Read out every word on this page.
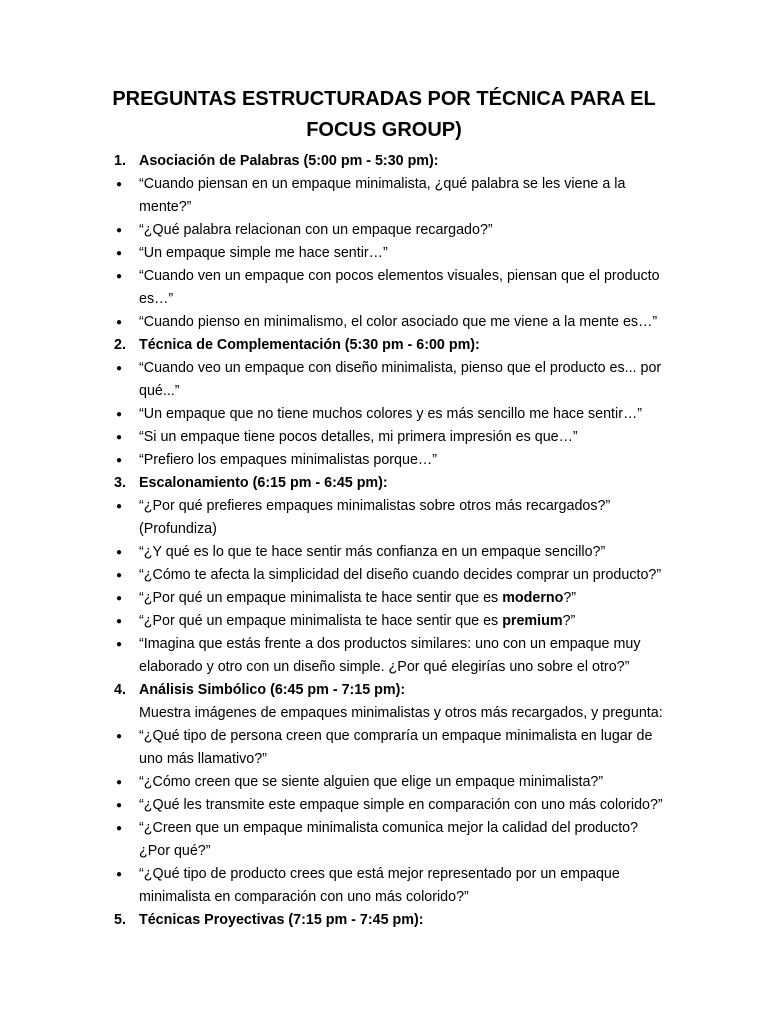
PREGUNTAS ESTRUCTURADAS POR TÉCNICA PARA EL FOCUS GROUP)
1. Asociación de Palabras (5:00 pm - 5:30 pm):
●	“Cuando piensan en un empaque minimalista, ¿qué palabra se les viene a la mente?”
●	“¿Qué palabra relacionan con un empaque recargado?”
●	“Un empaque simple me hace sentir…”
●	“Cuando ven un empaque con pocos elementos visuales, piensan que el producto es…”
●	“Cuando pienso en minimalismo, el color asociado que me viene a la mente es…”
2. Técnica de Complementación (5:30 pm - 6:00 pm):
●	“Cuando veo un empaque con diseño minimalista, pienso que el producto es... por qué...”
●	“Un empaque que no tiene muchos colores y es más sencillo me hace sentir…”
●	“Si un empaque tiene pocos detalles, mi primera impresión es que…”
●	“Prefiero los empaques minimalistas porque…”
3. Escalonamiento (6:15 pm - 6:45 pm):
●	“¿Por qué prefieres empaques minimalistas sobre otros más recargados?” (Profundiza)
●	“¿Y qué es lo que te hace sentir más confianza en un empaque sencillo?”
●	“¿Cómo te afecta la simplicidad del diseño cuando decides comprar un producto?”
●	“¿Por qué un empaque minimalista te hace sentir que es moderno?”
●	“¿Por qué un empaque minimalista te hace sentir que es premium?”
●	“Imagina que estás frente a dos productos similares: uno con un empaque muy elaborado y otro con un diseño simple. ¿Por qué elegirías uno sobre el otro?”
4. Análisis Simbólico (6:45 pm - 7:15 pm):
Muestra imágenes de empaques minimalistas y otros más recargados, y pregunta:
●	“¿Qué tipo de persona creen que compraría un empaque minimalista en lugar de uno más llamativo?”
●	“¿Cómo creen que se siente alguien que elige un empaque minimalista?”
●	“¿Qué les transmite este empaque simple en comparación con uno más colorido?”
●	“¿Creen que un empaque minimalista comunica mejor la calidad del producto? ¿Por qué?”
●	“¿Qué tipo de producto crees que está mejor representado por un empaque minimalista en comparación con uno más colorido?”
5. Técnicas Proyectivas (7:15 pm - 7:45 pm):
